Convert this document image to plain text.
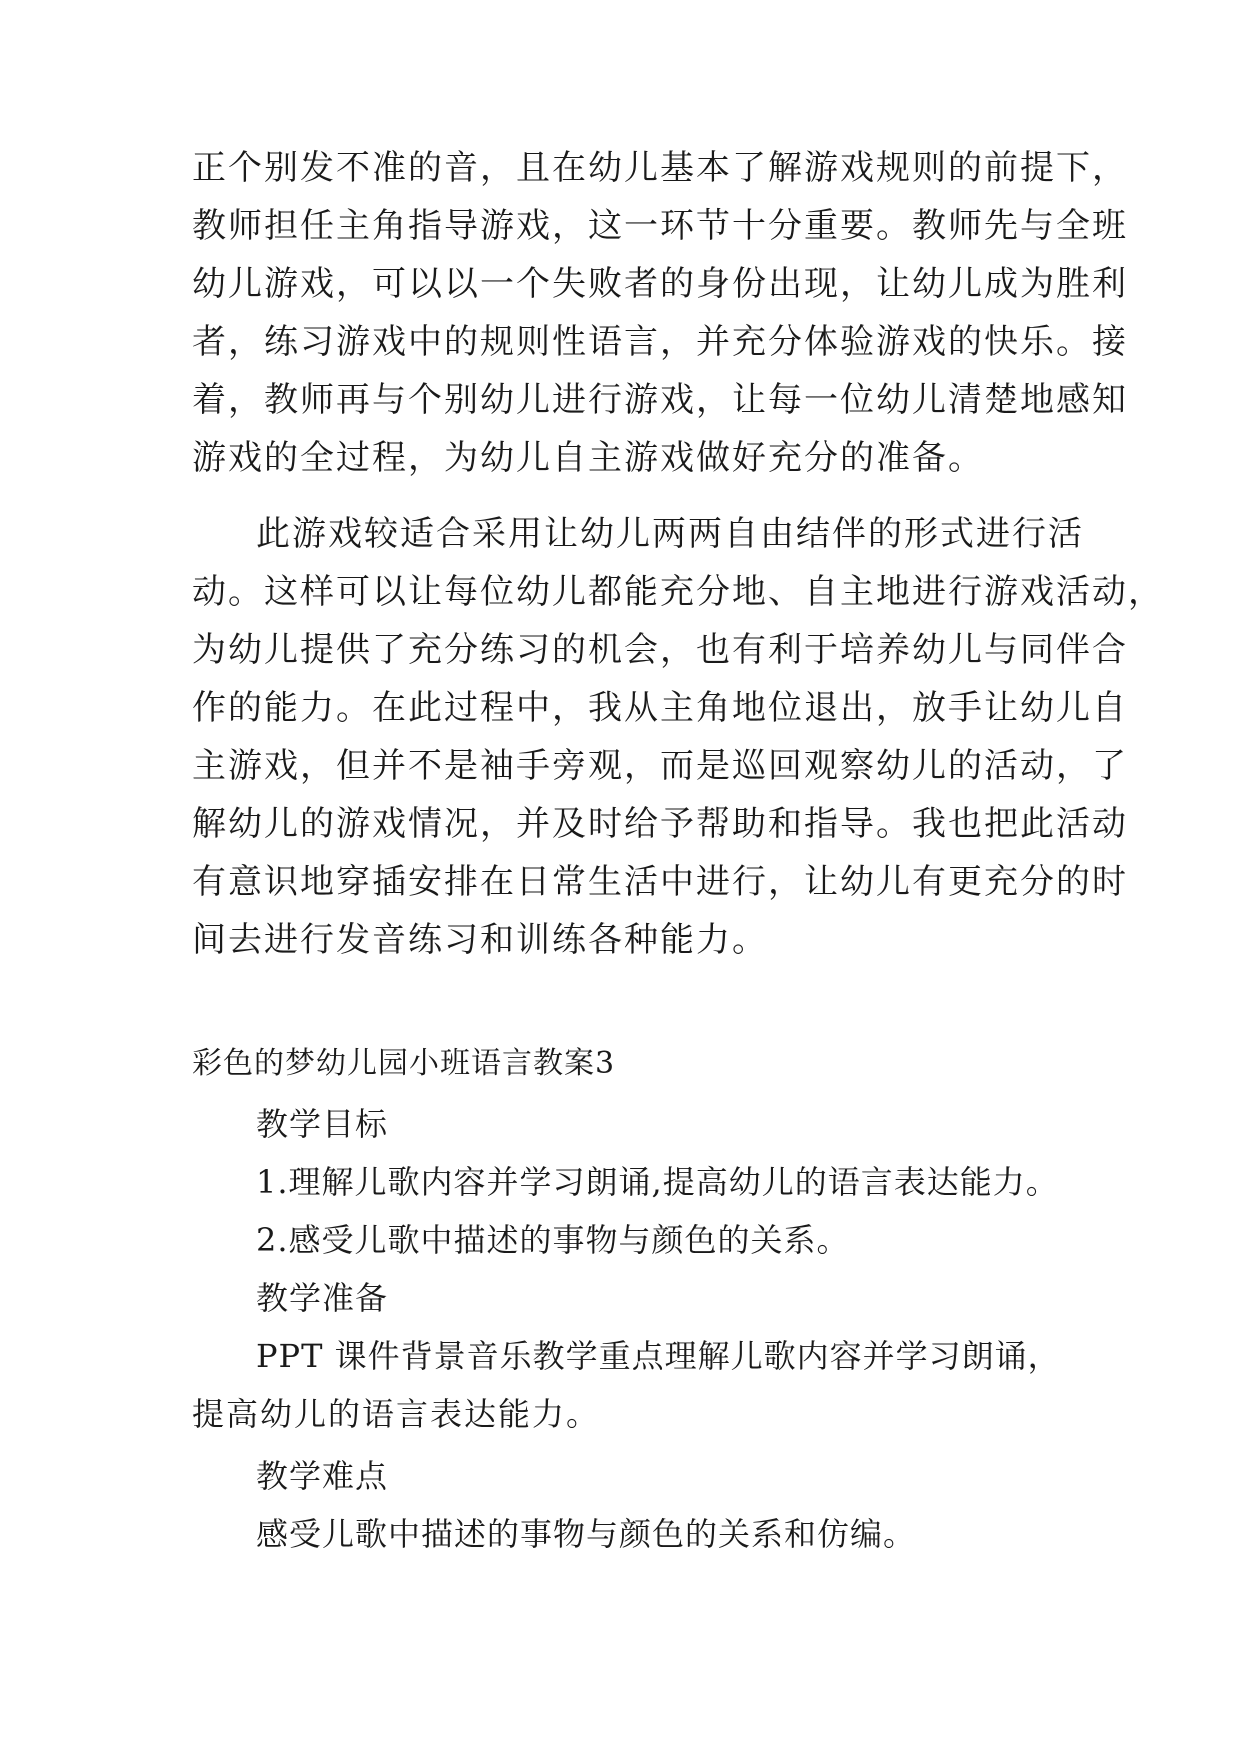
正个别发不准的音，且在幼儿基本了解游戏规则的前提下，
教师担任主角指导游戏，这一环节十分重要。教师先与全班
幼儿游戏，可以以一个失败者的身份出现，让幼儿成为胜利
者，练习游戏中的规则性语言，并充分体验游戏的快乐。接
着，教师再与个别幼儿进行游戏，让每一位幼儿清楚地感知
游戏的全过程，为幼儿自主游戏做好充分的准备。
此游戏较适合采用让幼儿两两自由结伴的形式进行活
动。这样可以让每位幼儿都能充分地、自主地进行游戏活动，
为幼儿提供了充分练习的机会，也有利于培养幼儿与同伴合
作的能力。在此过程中，我从主角地位退出，放手让幼儿自
主游戏，但并不是袖手旁观，而是巡回观察幼儿的活动，了
解幼儿的游戏情况，并及时给予帮助和指导。我也把此活动
有意识地穿插安排在日常生活中进行，让幼儿有更充分的时
间去进行发音练习和训练各种能力。
彩色的梦幼儿园小班语言教案3
教学目标
1.理解儿歌内容并学习朗诵,提高幼儿的语言表达能力。
2.感受儿歌中描述的事物与颜色的关系。
教学准备
PPT 课件背景音乐教学重点理解儿歌内容并学习朗诵，
提高幼儿的语言表达能力。
教学难点
感受儿歌中描述的事物与颜色的关系和仿编。
